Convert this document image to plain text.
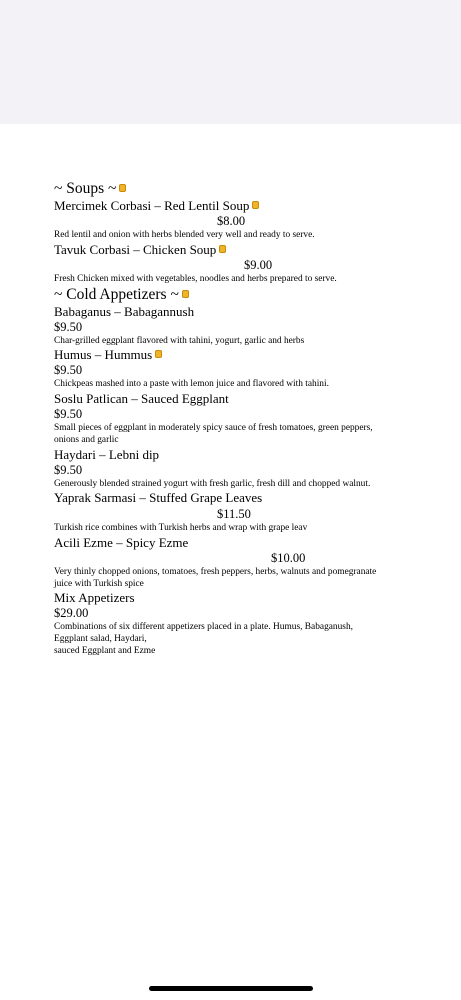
~ Soups ~
Mercimek Corbasi – Red Lentil Soup
$8.00
Red lentil and onion with herbs blended very well and ready to serve.
Tavuk Corbasi – Chicken Soup
$9.00
Fresh Chicken mixed with vegetables, noodles and herbs prepared to serve.
~ Cold Appetizers ~
Babaganus – Babagannush
$9.50
Char-grilled eggplant flavored with tahini, yogurt, garlic and herbs
Humus – Hummus
$9.50
Chickpeas mashed into a paste with lemon juice and flavored with tahini.
Soslu Patlican – Sauced Eggplant
$9.50
Small pieces of eggplant in moderately spicy sauce of fresh tomatoes, green peppers,
onions and garlic
Haydari – Lebni dip
$9.50
Generously blended strained yogurt with fresh garlic, fresh dill and chopped walnut.
Yaprak Sarmasi – Stuffed Grape Leaves
$11.50
Turkish rice combines with Turkish herbs and wrap with grape leav
Acili Ezme – Spicy Ezme
$10.00
Very thinly chopped onions, tomatoes, fresh peppers, herbs, walnuts and pomegranate
juice with Turkish spice
Mix Appetizers
$29.00
Combinations of six different appetizers placed in a plate. Humus, Babaganush,
Eggplant salad, Haydari,
sauced Eggplant and Ezme
